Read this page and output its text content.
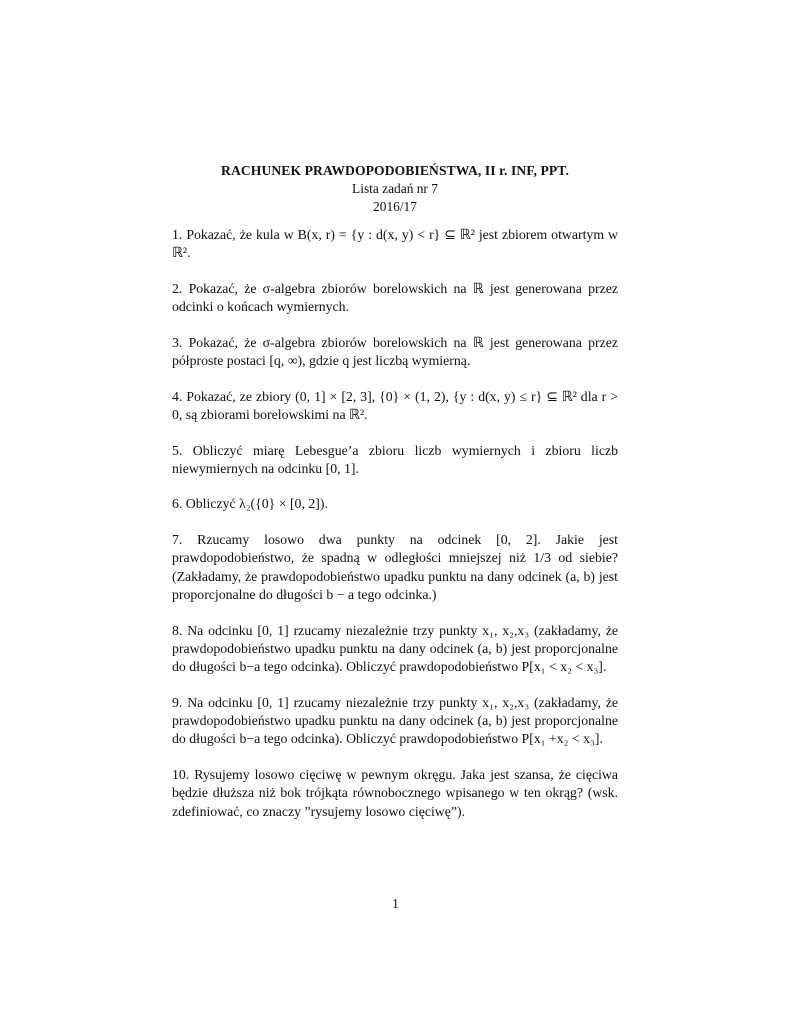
RACHUNEK PRAWDOPODOBIEŃSTWA, II r. INF, PPT.
Lista zadań nr 7
2016/17

1. Pokazać, że kula w B(x, r) = {y : d(x, y) < r} ⊆ ℝ² jest zbiorem otwartym w ℝ².

2. Pokazać, że σ-algebra zbiorów borelowskich na ℝ jest generowana przez odcinki o końcach wymiernych.

3. Pokazać, że σ-algebra zbiorów borelowskich na ℝ jest generowana przez półproste postaci [q, ∞), gdzie q jest liczbą wymierną.

4. Pokazać, ze zbiory (0, 1] × [2, 3], {0} × (1, 2), {y : d(x, y) ≤ r} ⊆ ℝ² dla r > 0, są zbiorami borelowskimi na ℝ².

5. Obliczyć miarę Lebesgue’a zbioru liczb wymiernych i zbioru liczb niewymiernych na odcinku [0, 1].

6. Obliczyć λ₂({0} × [0, 2]).

7. Rzucamy losowo dwa punkty na odcinek [0, 2]. Jakie jest prawdopodobieństwo, że spadną w odległości mniejszej niż 1/3 od siebie? (Zakładamy, że prawdopodobieństwo upadku punktu na dany odcinek (a, b) jest proporcjonalne do długości b − a tego odcinka.)

8. Na odcinku [0, 1] rzucamy niezależnie trzy punkty x₁, x₂,x₃ (zakładamy, że prawdopodobieństwo upadku punktu na dany odcinek (a, b) jest proporcjonalne do długości b−a tego odcinka). Obliczyć prawdopodobieństwo P[x₁ < x₂ < x₃].

9. Na odcinku [0, 1] rzucamy niezależnie trzy punkty x₁, x₂,x₃ (zakładamy, że prawdopodobieństwo upadku punktu na dany odcinek (a, b) jest proporcjonalne do długości b−a tego odcinka). Obliczyć prawdopodobieństwo P[x₁ +x₂ < x₃].

10. Rysujemy losowo cięciwę w pewnym okręgu. Jaka jest szansa, że cięciwa będzie dłuższa niż bok trójkąta równobocznego wpisanego w ten okrąg? (wsk. zdefiniować, co znaczy ”rysujemy losowo cięciwę”).

1
